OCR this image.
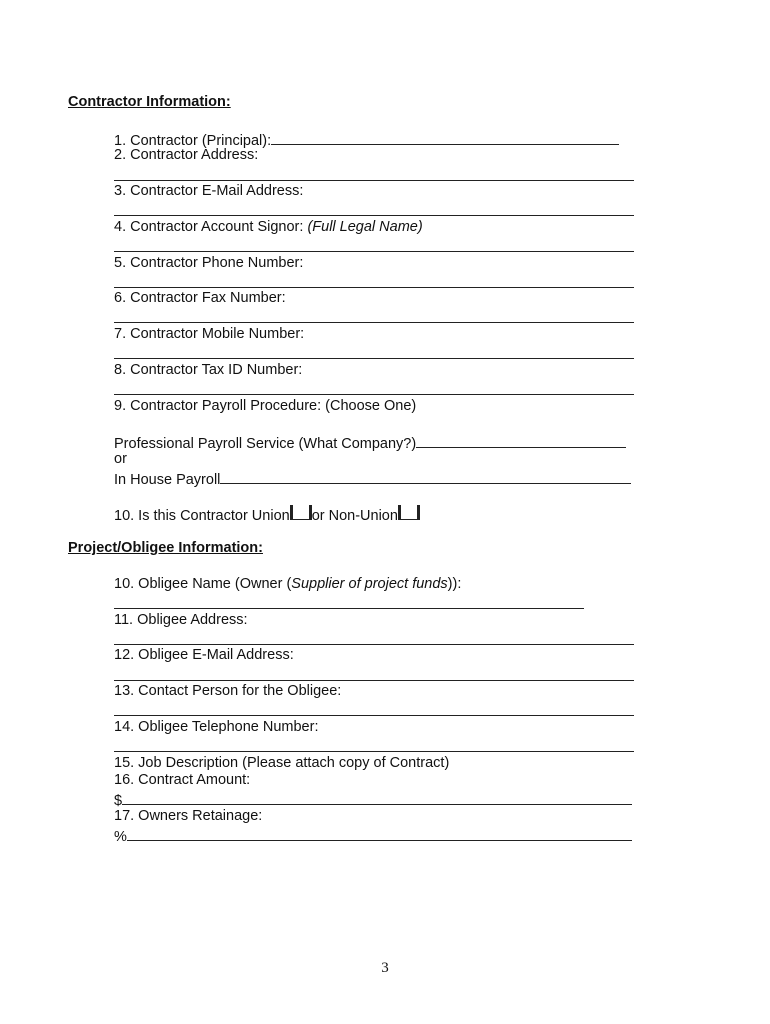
Contractor Information:
1. Contractor (Principal):
2. Contractor Address:
3. Contractor E-Mail Address:
4. Contractor Account Signor: (Full Legal Name)
5. Contractor Phone Number:
6. Contractor Fax Number:
7. Contractor Mobile Number:
8. Contractor Tax ID Number:
9. Contractor Payroll Procedure: (Choose One)
Professional Payroll Service (What Company?)
or
In House Payroll
10. Is this Contractor Union or Non-Union
Project/Obligee Information:
10. Obligee Name (Owner (Supplier of project funds)):
11. Obligee Address:
12. Obligee E-Mail Address:
13. Contact Person for the Obligee:
14. Obligee Telephone Number:
15. Job Description (Please attach copy of Contract)
16. Contract Amount:
$
17. Owners Retainage:
%
3
